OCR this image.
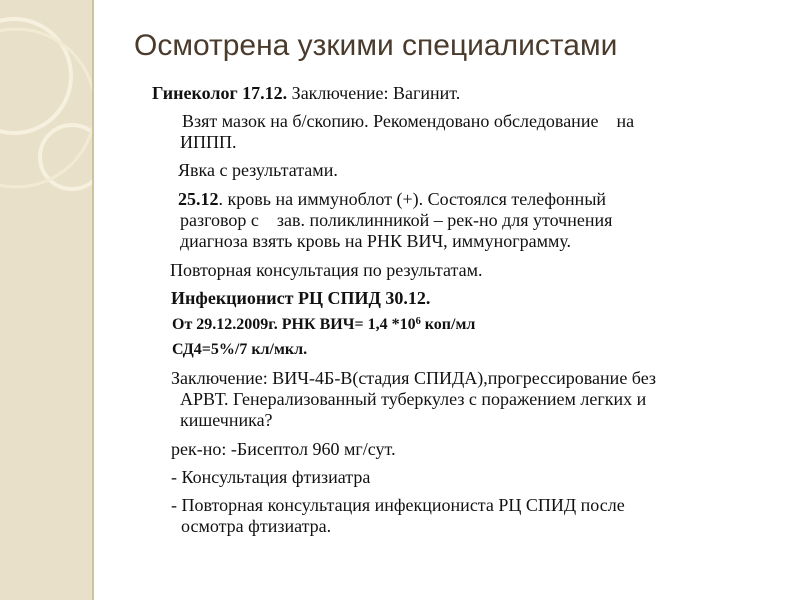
Осмотрена узкими специалистами

Гинеколог 17.12. Заключение: Вагинит.

Взят мазок на б/скопию. Рекомендовано обследование на

ИППП.

Явка с результатами.

25.12. кровь на иммуноблот (+). Состоялся телефонный

разговор с зав. поликлинникой – рек-но для уточнения

диагноза взять кровь на РНК ВИЧ, иммунограмму.

Повторная консультация по результатам.

Инфекционист РЦ СПИД 30.12.

От 29.12.2009г. РНК ВИЧ= 1,4 $*10^6$ коп/мл

СД4=5%/7 кл/мкл.

Заключение: ВИЧ-4Б-В(стадия СПИДА),прогрессирование без

АРВТ. Генерализованный туберкулез с поражением легких и

кишечника?

рек-но: -Бисептол 960 мг/сут.

- Консультация фтизиатра

- Повторная консультация инфекциониста РЦ СПИД после

осмотра фтизиатра.
